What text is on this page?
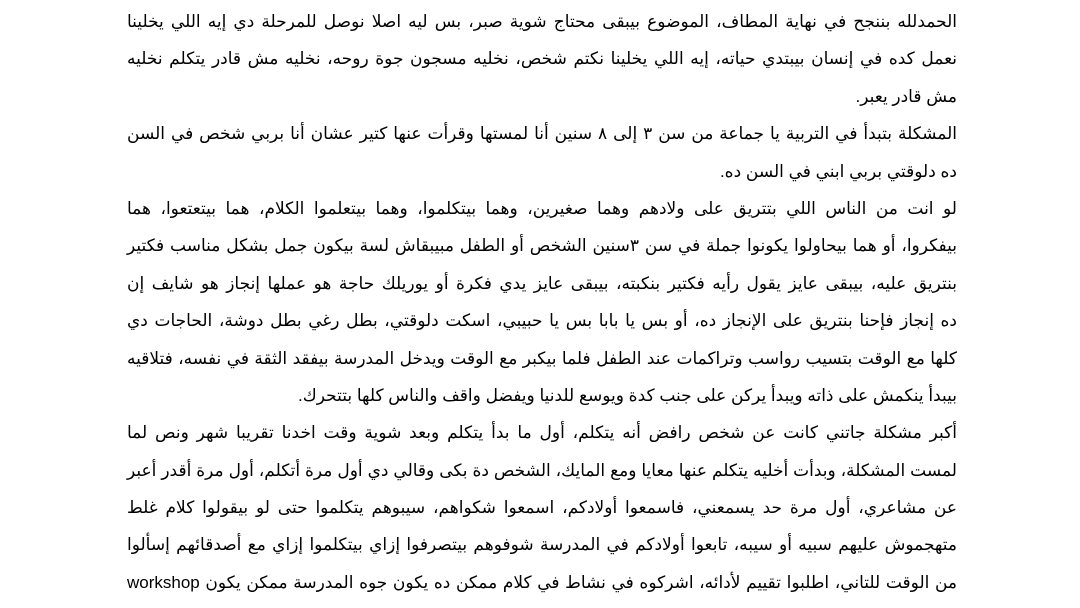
الحمدلله بننجح في نهاية المطاف، الموضوع بيبقى محتاج شوية صبر، بس ليه اصلا نوصل للمرحلة دي إيه اللي يخلينا
نعمل كده في إنسان بيبتدي حياته، إيه اللي يخلينا نكتم شخص، نخليه مسجون جوة روحه، نخليه مش قادر يتكلم نخليه
مش قادر يعبر.

المشكلة بتبدأ في التربية يا جماعة من سن ٣ إلى ٨ سنين أنا لمستها وقرأت عنها كتير عشان أنا بربي شخص في السن
ده دلوقتي بربي ابني في السن ده.

لو انت من الناس اللي بتتريق على ولادهم وهما صغيرين، وهما بيتكلموا، وهما بيتعلموا الكلام، هما بيتعتعوا، هما
بيفكروا، أو هما بيحاولوا يكونوا جملة في سن ٣سنين الشخص أو الطفل مبيبقاش لسة بيكون جمل بشكل مناسب فكتير
بنتريق عليه، بيبقى عايز يقول رأيه فكتير بنكبته، بيبقى عايز يدي فكرة أو يوريلك حاجة هو عملها إنجاز هو شايف إن
ده إنجاز فإحنا بنتريق على الإنجاز ده، أو بس يا بابا بس يا حبيبي، اسكت دلوقتي، بطل رغي بطل دوشة، الحاجات دي
كلها مع الوقت بتسيب رواسب وتراكمات عند الطفل فلما بيكبر مع الوقت ويدخل المدرسة بيفقد الثقة في نفسه، فتلاقيه
بيبدأ ينكمش على ذاته ويبدأ يركن على جنب كدة ويوسع للدنيا ويفضل واقف والناس كلها بتتحرك.

أكبر مشكلة جاتني كانت عن شخص رافض أنه يتكلم، أول ما بدأ يتكلم وبعد شوية وقت اخدنا تقريبا شهر ونص لما
لمست المشكلة، وبدأت أخليه يتكلم عنها معايا ومع المايك، الشخص دة بكى وقالي دي أول مرة أتكلم، أول مرة أقدر أعبر
عن مشاعري، أول مرة حد يسمعني، فاسمعوا أولادكم، اسمعوا شكواهم، سيبوهم يتكلموا حتى لو بيقولوا كلام غلط
متهجموش عليهم سبيه أو سيبه، تابعوا أولادكم في المدرسة شوفوهم بيتصرفوا إزاي بيتكلموا إزاي مع أصدقائهم إسألوا
من الوقت للتاني، اطلبوا تقييم لأدائه، اشركوه في نشاط في كلام ممكن ده يكون جوه المدرسة ممكن يكون workshop
